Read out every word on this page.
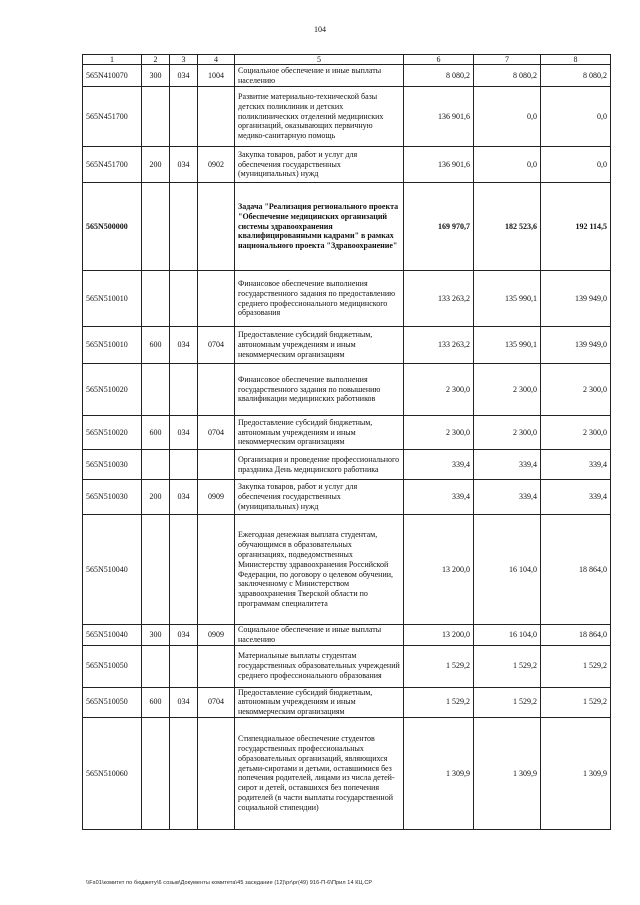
104
1	2	3	4	5	6	7	8
565N410070	300	034	1004	Социальное обеспечение и иные выплаты населению	8 080,2	8 080,2	8 080,2
565N451700				Развитие материально-технической базы детских поликлиник и детских поликлинических отделений медицинских организаций, оказывающих первичную медико-санитарную помощь	136 901,6	0,0	0,0
565N451700	200	034	0902	Закупка товаров, работ и услуг для обеспечения государственных (муниципальных) нужд	136 901,6	0,0	0,0
565N500000				Задача "Реализация регионального проекта "Обеспечение медицинских организаций системы здравоохранения квалифицированными кадрами" в рамках национального проекта "Здравоохранение"	169 970,7	182 523,6	192 114,5
565N510010				Финансовое обеспечение выполнения государственного задания по предоставлению среднего профессионального медицинского образования	133 263,2	135 990,1	139 949,0
565N510010	600	034	0704	Предоставление субсидий бюджетным, автономным учреждениям и иным некоммерческим организациям	133 263,2	135 990,1	139 949,0
565N510020				Финансовое обеспечение выполнения государственного задания по повышению квалификации медицинских работников	2 300,0	2 300,0	2 300,0
565N510020	600	034	0704	Предоставление субсидий бюджетным, автономным учреждениям и иным некоммерческим организациям	2 300,0	2 300,0	2 300,0
565N510030				Организация и проведение профессионального праздника День медицинского работника	339,4	339,4	339,4
565N510030	200	034	0909	Закупка товаров, работ и услуг для обеспечения государственных (муниципальных) нужд	339,4	339,4	339,4
565N510040				Ежегодная денежная выплата студентам, обучающимся в образовательных организациях, подведомственных Министерству здравоохранения Российской Федерации, по договору о целевом обучении, заключенному с Министерством здравоохранения Тверской области по программам специалитета	13 200,0	16 104,0	18 864,0
565N510040	300	034	0909	Социальное обеспечение и иные выплаты населению	13 200,0	16 104,0	18 864,0
565N510050				Материальные выплаты студентам государственных образовательных учреждений среднего профессионального образования	1 529,2	1 529,2	1 529,2
565N510050	600	034	0704	Предоставление субсидий бюджетным, автономным учреждениям и иным некоммерческим организациям	1 529,2	1 529,2	1 529,2
565N510060				Стипендиальное обеспечение студентов государственных профессиональных образовательных организаций, являющихся детьми-сиротами и детьми, оставшимися без попечения родителей, лицами из числа детей-сирот и детей, оставшихся без попечения родителей (в части выплаты государственной социальной стипендии)	1 309,9	1 309,9	1 309,9
\\Fs01\комитет по бюджету\6 созыв\Документы комитета\45 заседание (12)\pr\pr(49) 916-П-6\Прил 14 КЦ.СР
